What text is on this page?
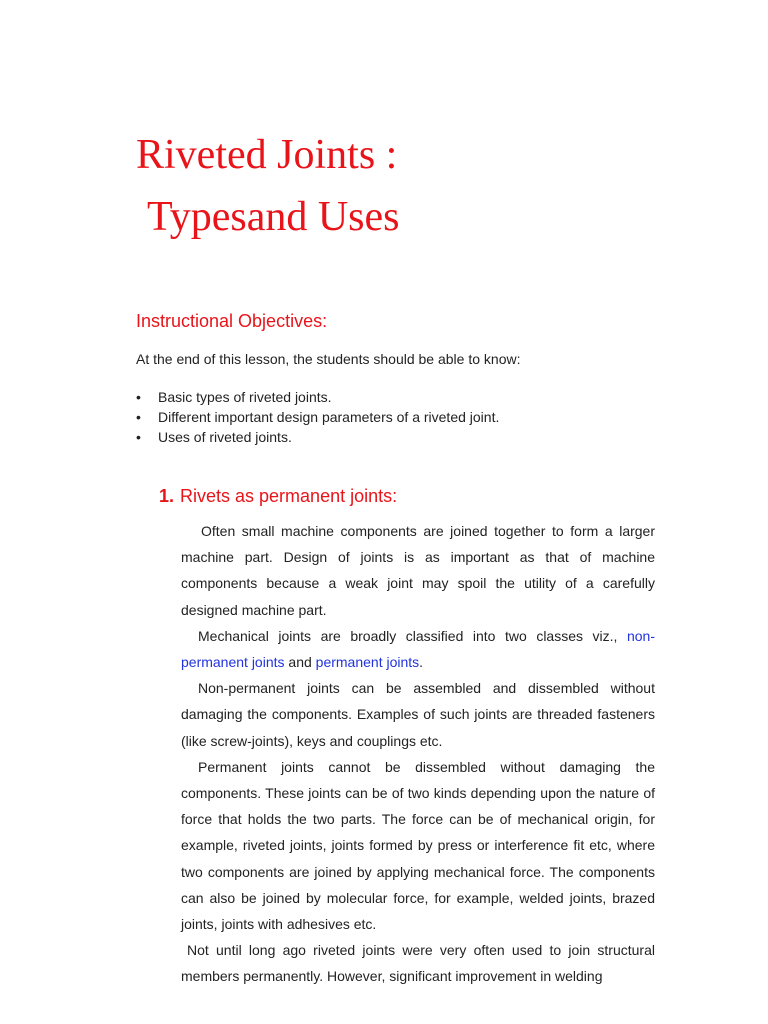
Riveted Joints :
Typesand Uses
Instructional Objectives:

At the end of this lesson, the students should be able to know:

•	Basic types of riveted joints.
•	Different important design parameters of a riveted joint.
•	Uses of riveted joints.
1. Rivets as permanent joints:

Often small machine components are joined together to form a larger machine part. Design of joints is as important as that of machine components because a weak joint may spoil the utility of a carefully designed machine part.

Mechanical joints are broadly classified into two classes viz., non-permanent joints and permanent joints.

Non-permanent joints can be assembled and dissembled without damaging the components. Examples of such joints are threaded fasteners (like screw-joints), keys and couplings etc.

Permanent joints cannot be dissembled without damaging the components. These joints can be of two kinds depending upon the nature of force that holds the two parts. The force can be of mechanical origin, for example, riveted joints, joints formed by press or interference fit etc, where two components are joined by applying mechanical force. The components can also be joined by molecular force, for example, welded joints, brazed joints, joints with adhesives etc.

Not until long ago riveted joints were very often used to join structural members permanently. However, significant improvement in welding
